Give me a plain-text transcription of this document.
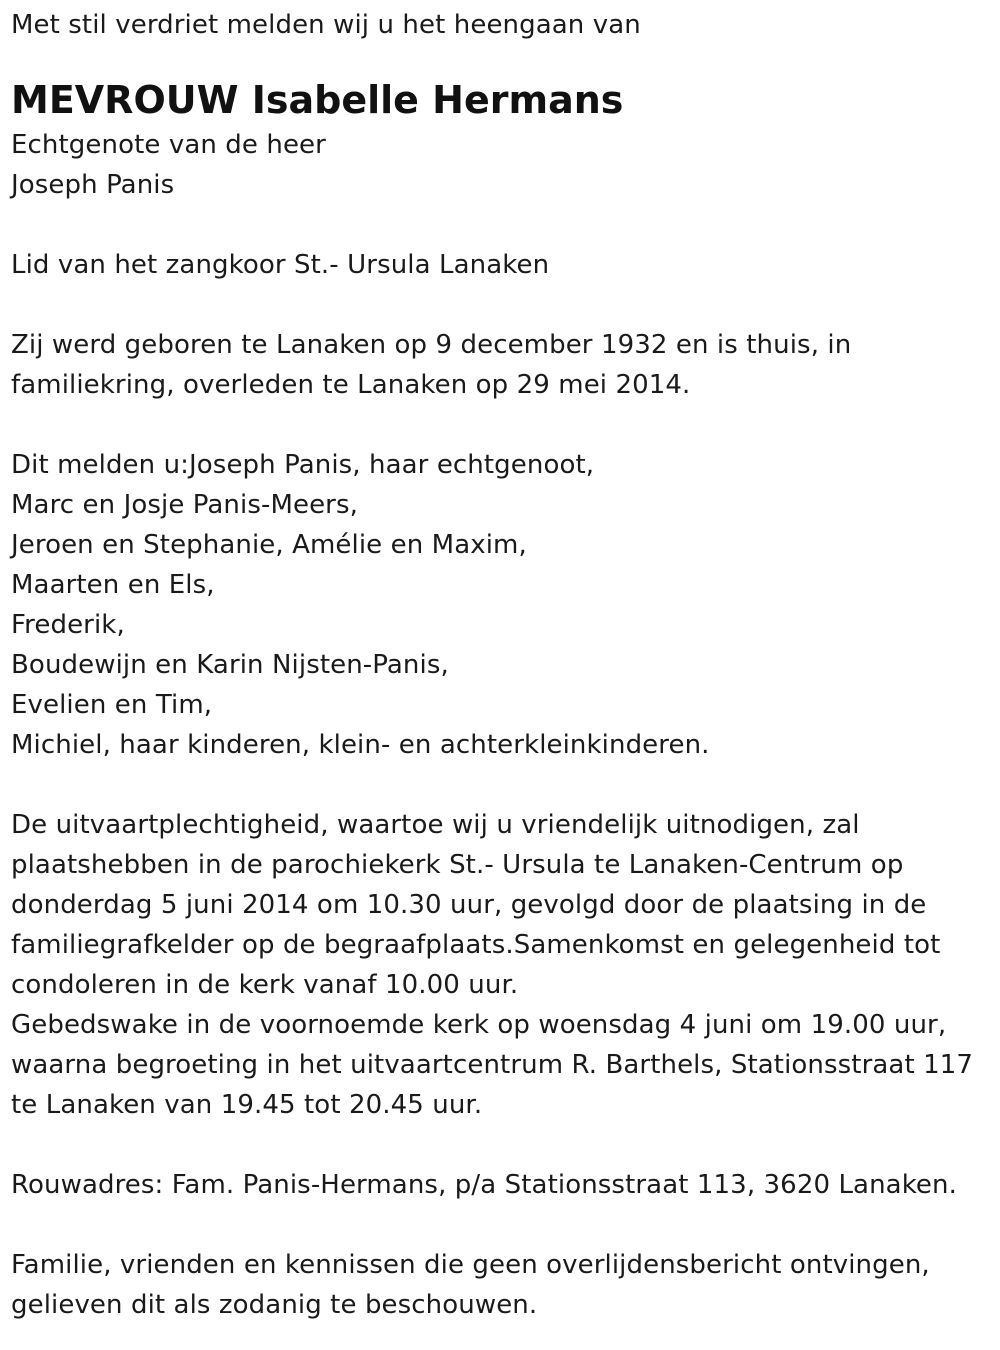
Met stil verdriet melden wij u het heengaan van
MEVROUW Isabelle Hermans
Echtgenote van de heer
Joseph Panis
Lid van het zangkoor St.- Ursula Lanaken
Zij werd geboren te Lanaken op 9 december 1932 en is thuis, in
familiekring, overleden te Lanaken op 29 mei 2014.
Dit melden u:Joseph Panis, haar echtgenoot,
Marc en Josje Panis-Meers,
Jeroen en Stephanie, Amélie en Maxim,
Maarten en Els,
Frederik,
Boudewijn en Karin Nijsten-Panis,
Evelien en Tim,
Michiel, haar kinderen, klein- en achterkleinkinderen.
De uitvaartplechtigheid, waartoe wij u vriendelijk uitnodigen, zal
plaatshebben in de parochiekerk St.- Ursula te Lanaken-Centrum op
donderdag 5 juni 2014 om 10.30 uur, gevolgd door de plaatsing in de
familiegrafkelder op de begraafplaats.Samenkomst en gelegenheid tot
condoleren in de kerk vanaf 10.00 uur.
Gebedswake in de voornoemde kerk op woensdag 4 juni om 19.00 uur,
waarna begroeting in het uitvaartcentrum R. Barthels, Stationsstraat 117
te Lanaken van 19.45 tot 20.45 uur.
Rouwadres: Fam. Panis-Hermans, p/a Stationsstraat 113, 3620 Lanaken.
Familie, vrienden en kennissen die geen overlijdensbericht ontvingen,
gelieven dit als zodanig te beschouwen.
